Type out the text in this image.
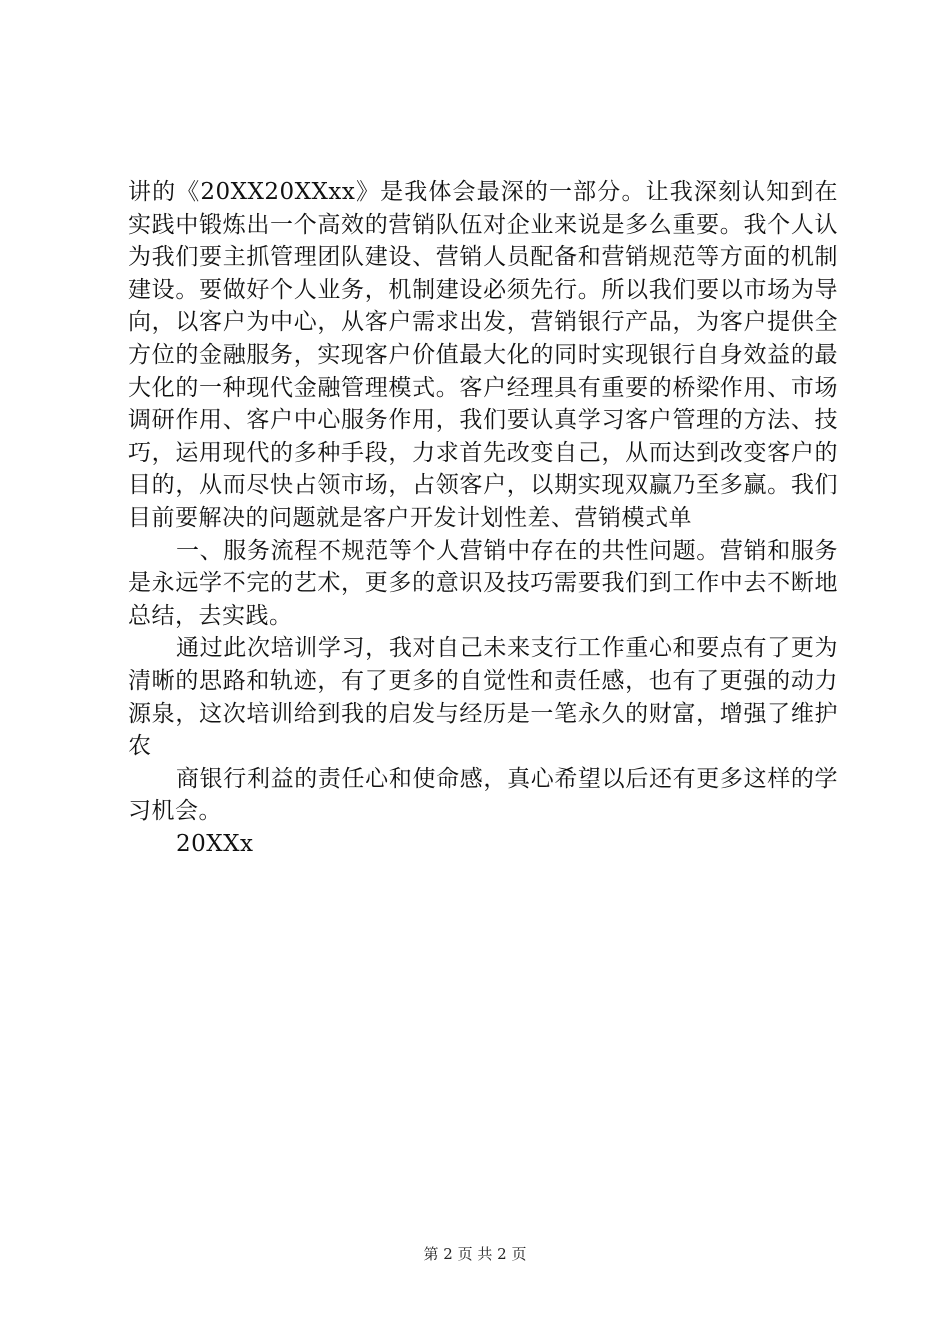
讲的《20XX20XXxx》是我体会最深的一部分。让我深刻认知到在实践中锻炼出一个高效的营销队伍对企业来说是多么重要。我个人认为我们要主抓管理团队建设、营销人员配备和营销规范等方面的机制建设。要做好个人业务，机制建设必须先行。所以我们要以市场为导向，以客户为中心，从客户需求出发，营销银行产品，为客户提供全方位的金融服务，实现客户价值最大化的同时实现银行自身效益的最大化的一种现代金融管理模式。客户经理具有重要的桥梁作用、市场调研作用、客户中心服务作用，我们要认真学习客户管理的方法、技巧，运用现代的多种手段，力求首先改变自己，从而达到改变客户的目的，从而尽快占领市场，占领客户，以期实现双赢乃至多赢。我们目前要解决的问题就是客户开发计划性差、营销模式单

一、服务流程不规范等个人营销中存在的共性问题。营销和服务是永远学不完的艺术，更多的意识及技巧需要我们到工作中去不断地总结，去实践。

通过此次培训学习，我对自己未来支行工作重心和要点有了更为清晰的思路和轨迹，有了更多的自觉性和责任感，也有了更强的动力源泉，这次培训给到我的启发与经历是一笔永久的财富，增强了维护农

商银行利益的责任心和使命感，真心希望以后还有更多这样的学习机会。

20XXx

第 2 页 共 2 页
